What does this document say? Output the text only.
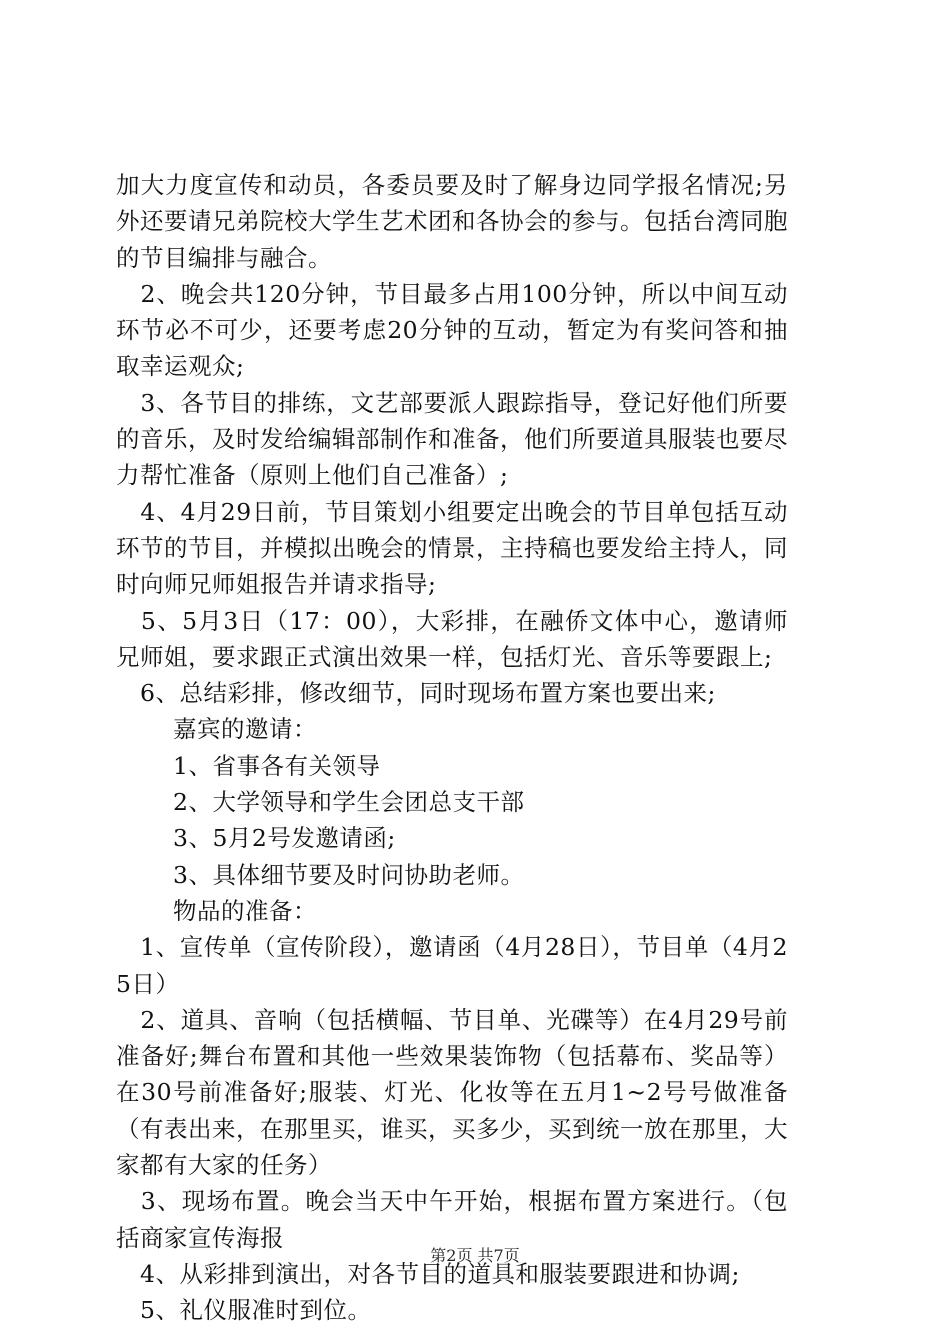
加大力度宣传和动员，各委员要及时了解身边同学报名情况;另外还要请兄弟院校大学生艺术团和各协会的参与。包括台湾同胞的节目编排与融合。

　2、晚会共120分钟，节目最多占用100分钟，所以中间互动环节必不可少，还要考虑20分钟的互动，暂定为有奖问答和抽取幸运观众;

　3、各节目的排练，文艺部要派人跟踪指导，登记好他们所要的音乐，及时发给编辑部制作和准备，他们所要道具服装也要尽力帮忙准备（原则上他们自己准备）;

　4、4月29日前，节目策划小组要定出晚会的节目单包括互动环节的节目，并模拟出晚会的情景，主持稿也要发给主持人，同时向师兄师姐报告并请求指导;

　5、5月3日（17：00），大彩排，在融侨文体中心，邀请师兄师姐，要求跟正式演出效果一样，包括灯光、音乐等要跟上;

　6、总结彩排，修改细节，同时现场布置方案也要出来;

嘉宾的邀请：

1、省事各有关领导

2、大学领导和学生会团总支干部

3、5月2号发邀请函;

3、具体细节要及时问协助老师。

物品的准备：

　1、宣传单（宣传阶段），邀请函（4月28日），节目单（4月25日）

　2、道具、音响（包括横幅、节目单、光碟等）在4月29号前准备好;舞台布置和其他一些效果装饰物（包括幕布、奖品等）在30号前准备好;服装、灯光、化妆等在五月1~2号号做准备（有表出来，在那里买，谁买，买多少，买到统一放在那里，大家都有大家的任务）

　3、现场布置。晚会当天中午开始，根据布置方案进行。（包括商家宣传海报

　4、从彩排到演出，对各节目的道具和服装要跟进和协调;

　5、礼仪服准时到位。

第2页 共7页
